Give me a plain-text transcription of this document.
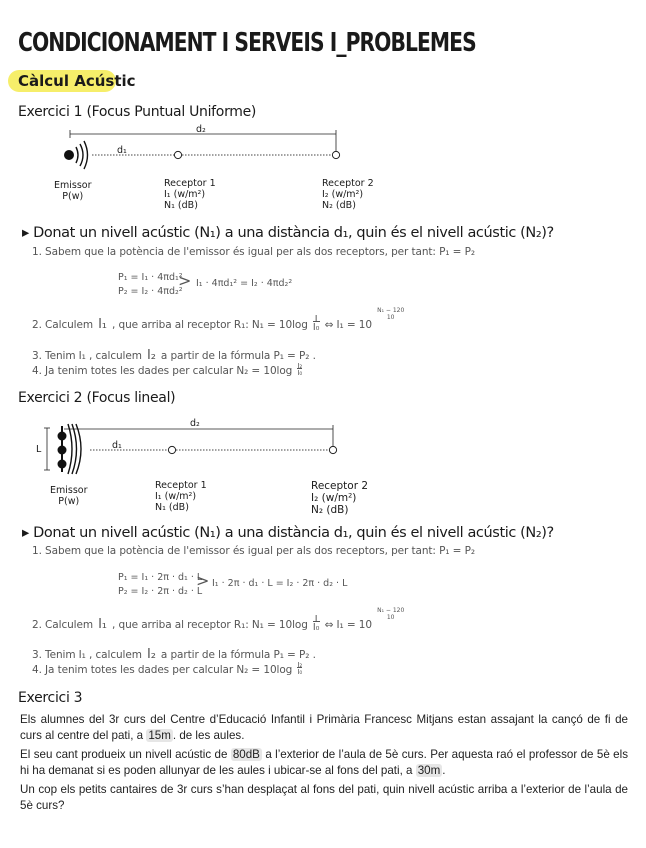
CONDICIONAMENT I SERVEIS I_PROBLEMES
Càlcul Acústic
Exercici 1 (Focus Puntual Uniforme)
d₂
d₁
Emissor
P(w)
Receptor 1
I₁ (w/m²)
N₁ (dB)
Receptor 2
I₂ (w/m²)
N₂ (dB)
▸ Donat un nivell acústic (N₁) a una distància d₁, quin és el nivell acústic (N₂)?
1. Sabem que la potència de l'emissor és igual per als dos receptors, per tant: P₁ = P₂
P₁ = I₁ · 4πd₁²
P₂ = I₂ · 4πd₂²
> I₁ · 4πd₁² = I₂ · 4πd₂²
2. Calculem I₁ , que arriba al receptor R₁: N₁ = 10log I
I₀ ⇔ I₁ = 10 N₁ − 120
10
3. Tenim I₁ , calculem I₂ a partir de la fórmula P₁ = P₂ .
4. Ja tenim totes les dades per calcular $N_2 = 10\log \frac{\text{I₂}}{\text{I₀}}$
Exercici 2 (Focus lineal)
d₂
d₁
L
Emissor
P(w)
Receptor 1
I₁ (w/m²)
N₁ (dB)
Receptor 2
I₂ (w/m²)
N₂ (dB)
▸ Donat un nivell acústic (N₁) a una distància d₁, quin és el nivell acústic (N₂)?
1. Sabem que la potència de l'emissor és igual per als dos receptors, per tant: P₁ = P₂
P₁ = I₁ · 2π · d₁ · L
P₂ = I₂ · 2π · d₂ · L
> I₁ · 2π · d₁ · L = I₂ · 2π · d₂ · L
2. Calculem I₁ , que arriba al receptor R₁: N₁ = 10log I
I₀ ⇔ I₁ = 10 N₁ − 120
10
3. Tenim I₁ , calculem I₂ a partir de la fórmula P₁ = P₂ .
4. Ja tenim totes les dades per calcular $N_2 = 10\log \frac{\text{I₂}}{\text{I₀}}$
Exercici 3
Els alumnes del 3r curs del Centre d’Educació Infantil i Primària Francesc Mitjans estan assajant la cançó de fi de curs al centre del pati, a 15m . de les aules.
El seu cant produeix un nivell acústic de 80dB a l’exterior de l’aula de 5è curs. Per aquesta raó el professor de 5è els hi ha demanat si es poden allunyar de les aules i ubicar-se al fons del pati, a 30m .
Un cop els petits cantaires de 3r curs s’han desplaçat al fons del pati, quin nivell acústic arriba a l’exterior de l’aula de 5è curs?
